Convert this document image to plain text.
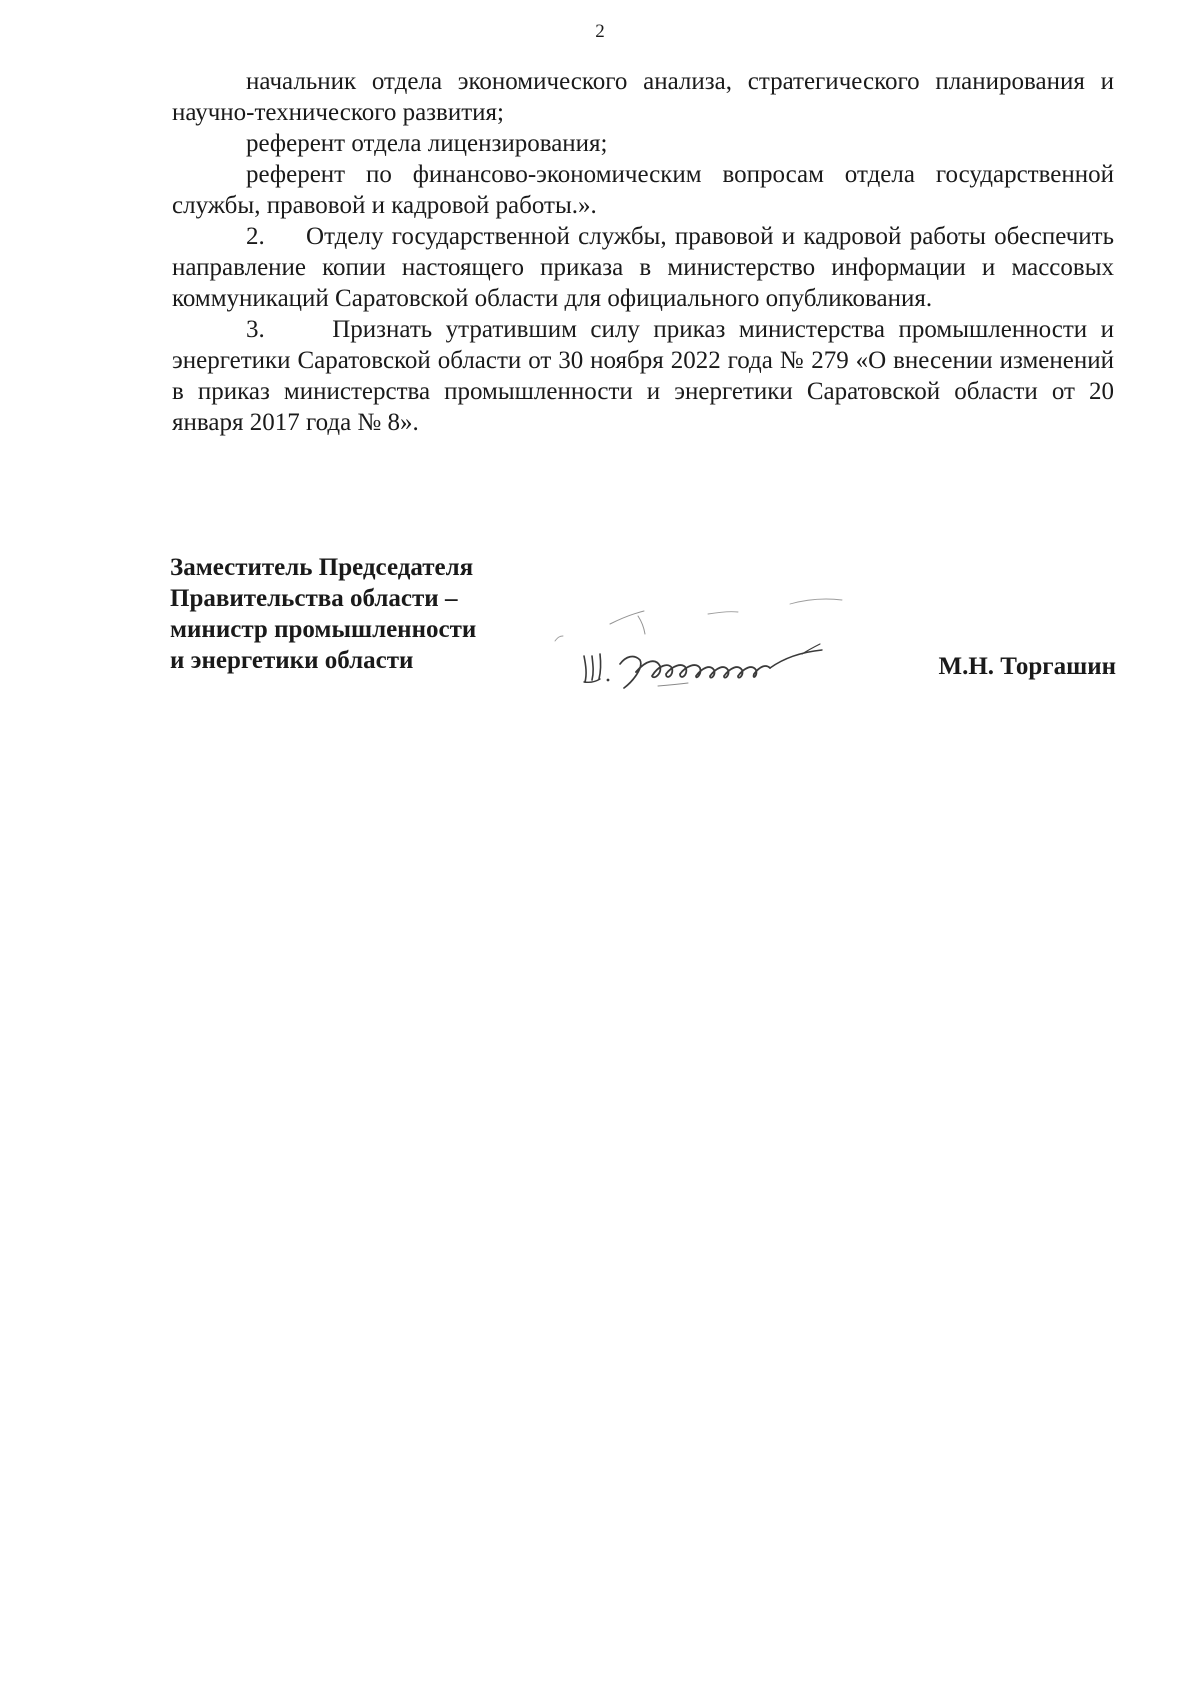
2

начальник отдела экономического анализа, стратегического планирования и научно-технического развития;

референт отдела лицензирования;

референт по финансово-экономическим вопросам отдела государственной службы, правовой и кадровой работы.».

2.     Отделу государственной службы, правовой и кадровой работы обеспечить направление копии настоящего приказа в министерство информации и массовых коммуникаций Саратовской области для официального опубликования.

3.     Признать утратившим силу приказ министерства промышленности и энергетики Саратовской области от 30 ноября 2022 года № 279 «О внесении изменений в приказ министерства промышленности и энергетики Саратовской области от 20 января 2017 года № 8».

Заместитель Председателя
Правительства области –
министр промышленности
и энергетики области	М.Н. Торгашин
